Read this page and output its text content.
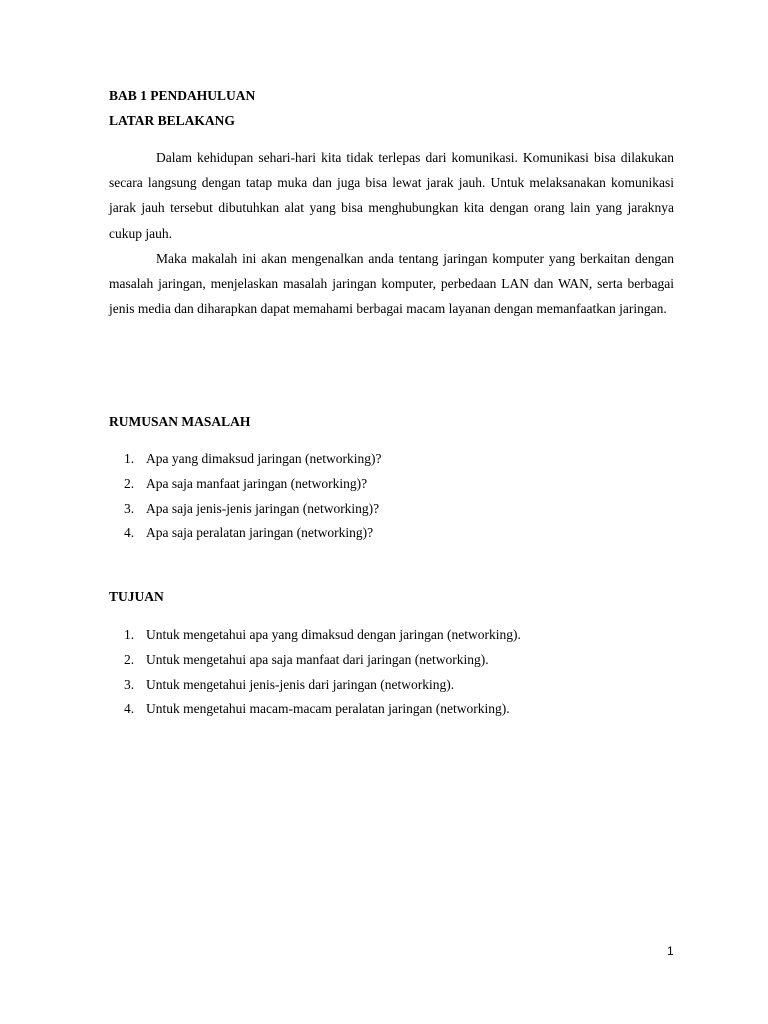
BAB 1 PENDAHULUAN
LATAR BELAKANG

Dalam kehidupan sehari-hari kita tidak terlepas dari komunikasi. Komunikasi bisa dilakukan secara langsung dengan tatap muka dan juga bisa lewat jarak jauh. Untuk melaksanakan komunikasi jarak jauh tersebut dibutuhkan alat yang bisa menghubungkan kita dengan orang lain yang jaraknya cukup jauh.

Maka makalah ini akan mengenalkan anda tentang jaringan komputer yang berkaitan dengan masalah jaringan, menjelaskan masalah jaringan komputer, perbedaan LAN dan WAN, serta berbagai jenis media dan diharapkan dapat memahami berbagai macam layanan dengan memanfaatkan jaringan.

RUMUSAN MASALAH
1. Apa yang dimaksud jaringan (networking)?
2. Apa saja manfaat jaringan (networking)?
3. Apa saja jenis-jenis jaringan (networking)?
4. Apa saja peralatan jaringan (networking)?
TUJUAN
1. Untuk mengetahui apa yang dimaksud dengan jaringan (networking).
2. Untuk mengetahui apa saja manfaat dari jaringan (networking).
3. Untuk mengetahui jenis-jenis dari jaringan (networking).
4. Untuk mengetahui macam-macam peralatan jaringan (networking).
1
